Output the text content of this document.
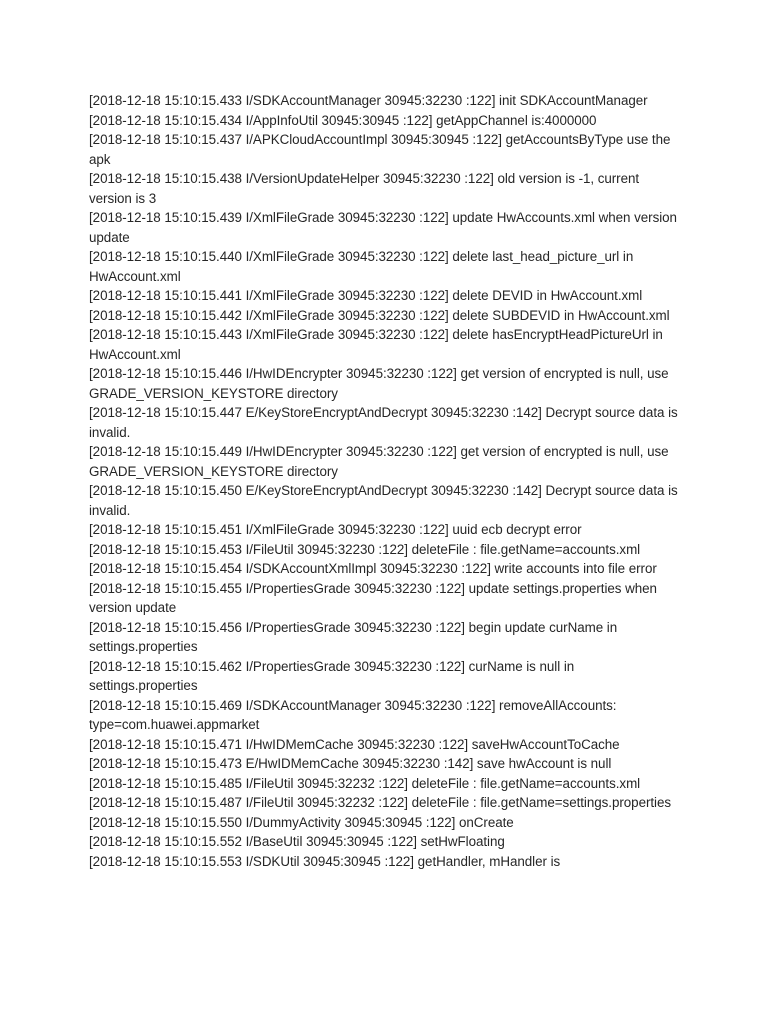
[2018-12-18 15:10:15.433 I/SDKAccountManager 30945:32230 :122] init SDKAccountManager

[2018-12-18 15:10:15.434 I/AppInfoUtil 30945:30945 :122] getAppChannel is:4000000

[2018-12-18 15:10:15.437 I/APKCloudAccountImpl 30945:30945 :122] getAccountsByType use the apk

[2018-12-18 15:10:15.438 I/VersionUpdateHelper 30945:32230 :122] old version is -1, current version is 3

[2018-12-18 15:10:15.439 I/XmlFileGrade 30945:32230 :122] update HwAccounts.xml when version update

[2018-12-18 15:10:15.440 I/XmlFileGrade 30945:32230 :122] delete last_head_picture_url in HwAccount.xml

[2018-12-18 15:10:15.441 I/XmlFileGrade 30945:32230 :122] delete DEVID in HwAccount.xml

[2018-12-18 15:10:15.442 I/XmlFileGrade 30945:32230 :122] delete SUBDEVID in HwAccount.xml

[2018-12-18 15:10:15.443 I/XmlFileGrade 30945:32230 :122] delete hasEncryptHeadPictureUrl in HwAccount.xml

[2018-12-18 15:10:15.446 I/HwIDEncrypter 30945:32230 :122] get version of encrypted is null, use GRADE_VERSION_KEYSTORE directory

[2018-12-18 15:10:15.447 E/KeyStoreEncryptAndDecrypt 30945:32230 :142] Decrypt source data is invalid.

[2018-12-18 15:10:15.449 I/HwIDEncrypter 30945:32230 :122] get version of encrypted is null, use GRADE_VERSION_KEYSTORE directory

[2018-12-18 15:10:15.450 E/KeyStoreEncryptAndDecrypt 30945:32230 :142] Decrypt source data is invalid.

[2018-12-18 15:10:15.451 I/XmlFileGrade 30945:32230 :122] uuid ecb decrypt error

[2018-12-18 15:10:15.453 I/FileUtil 30945:32230 :122] deleteFile : file.getName=accounts.xml

[2018-12-18 15:10:15.454 I/SDKAccountXmlImpl 30945:32230 :122] write accounts into file error

[2018-12-18 15:10:15.455 I/PropertiesGrade 30945:32230 :122] update settings.properties when version update

[2018-12-18 15:10:15.456 I/PropertiesGrade 30945:32230 :122] begin update curName in settings.properties

[2018-12-18 15:10:15.462 I/PropertiesGrade 30945:32230 :122] curName is null in settings.properties

[2018-12-18 15:10:15.469 I/SDKAccountManager 30945:32230 :122] removeAllAccounts: type=com.huawei.appmarket

[2018-12-18 15:10:15.471 I/HwIDMemCache 30945:32230 :122] saveHwAccountToCache

[2018-12-18 15:10:15.473 E/HwIDMemCache 30945:32230 :142] save hwAccount is null

[2018-12-18 15:10:15.485 I/FileUtil 30945:32232 :122] deleteFile : file.getName=accounts.xml

[2018-12-18 15:10:15.487 I/FileUtil 30945:32232 :122] deleteFile : file.getName=settings.properties

[2018-12-18 15:10:15.550 I/DummyActivity 30945:30945 :122] onCreate

[2018-12-18 15:10:15.552 I/BaseUtil 30945:30945 :122] setHwFloating

[2018-12-18 15:10:15.553 I/SDKUtil 30945:30945 :122] getHandler, mHandler is
